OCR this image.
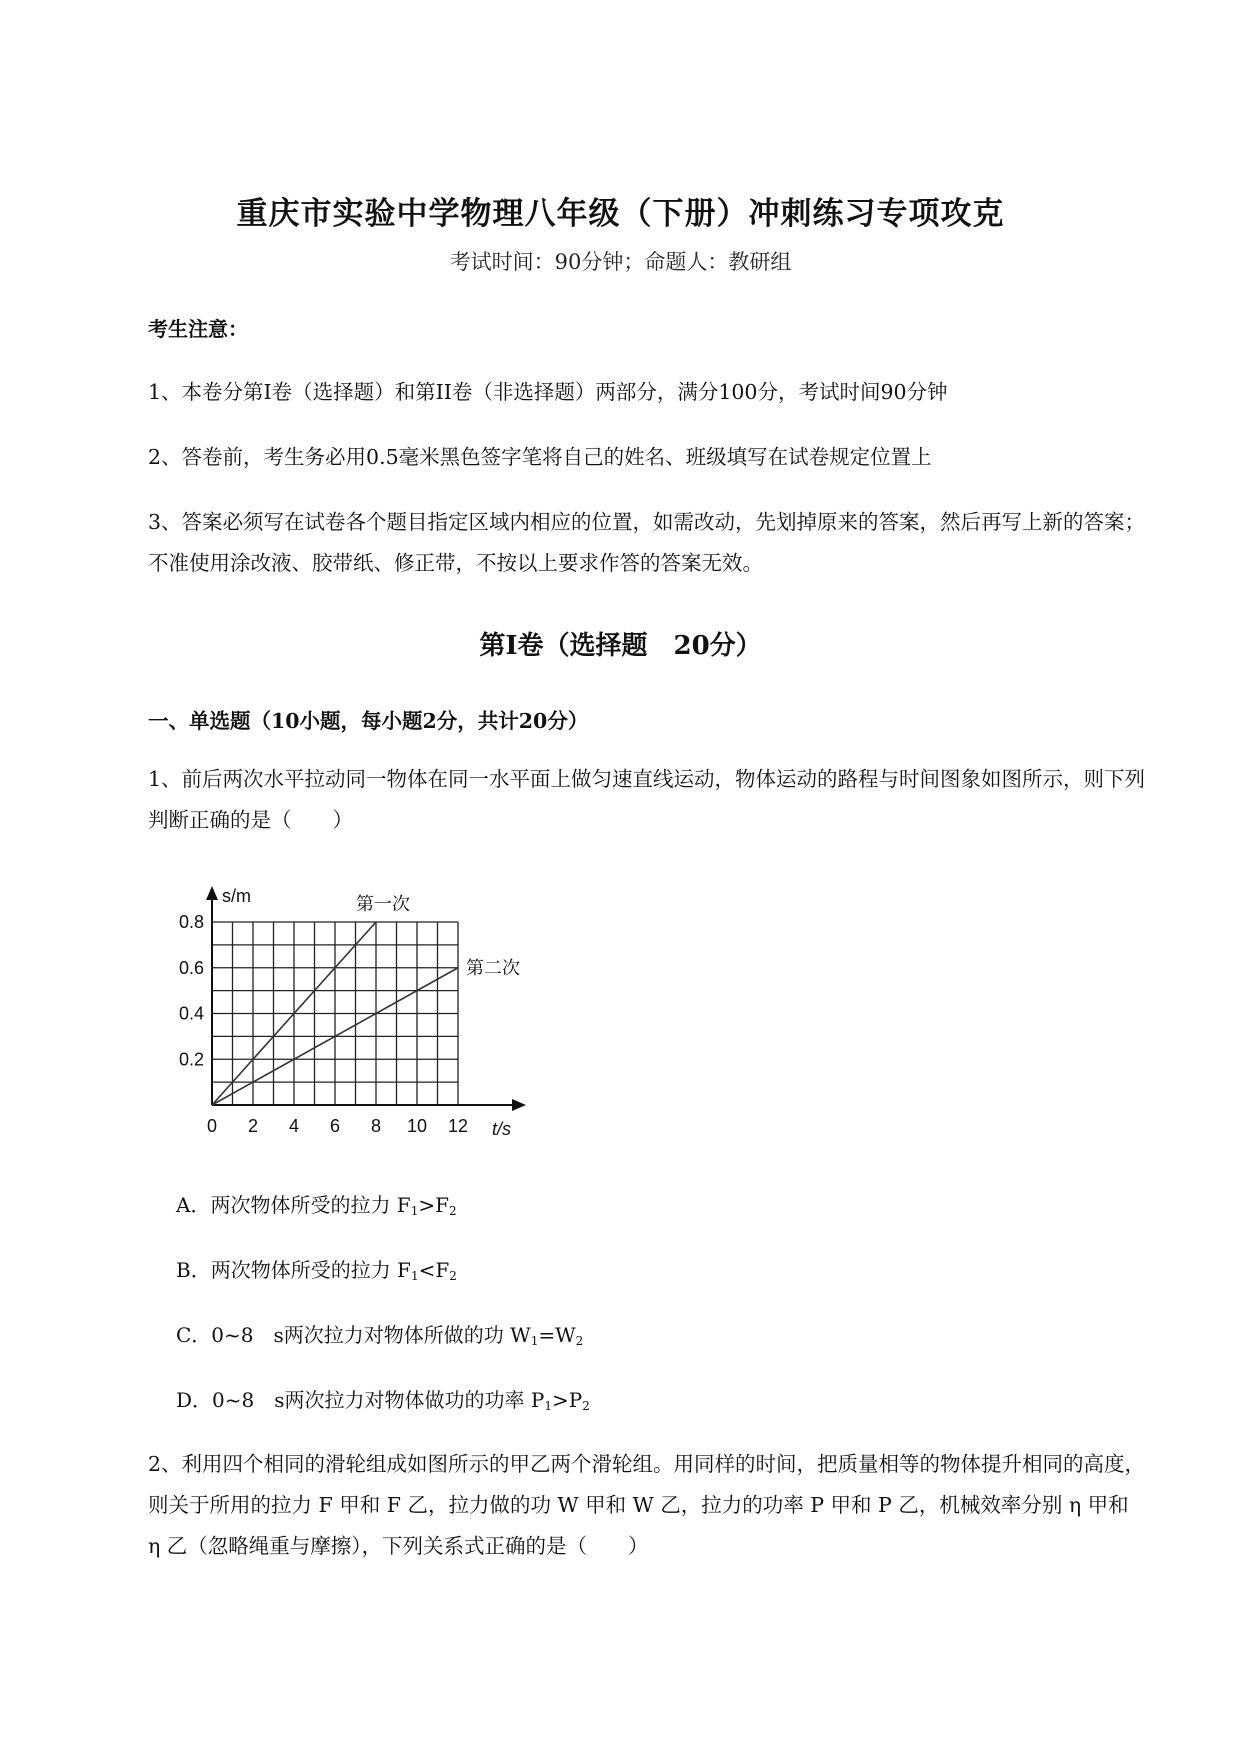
重庆市实验中学物理八年级（下册）冲刺练习专项攻克
考试时间：90分钟；命题人：教研组
考生注意：
1、本卷分第I卷（选择题）和第II卷（非选择题）两部分，满分100分，考试时间90分钟
2、答卷前，考生务必用0.5毫米黑色签字笔将自己的姓名、班级填写在试卷规定位置上
3、答案必须写在试卷各个题目指定区域内相应的位置，如需改动，先划掉原来的答案，然后再写上新的答案；不准使用涂改液、胶带纸、修正带，不按以上要求作答的答案无效。
第I卷（选择题　20分）
一、单选题（10小题，每小题2分，共计20分）
1、前后两次水平拉动同一物体在同一水平面上做匀速直线运动，物体运动的路程与时间图象如图所示，则下列判断正确的是（　　）
0 2 4 6 8 10 12
0.2
0.4
0.6
0.8
s/m
t/s
第一次
第二次
A．两次物体所受的拉力 $F_1>F_2$
B．两次物体所受的拉力 $F_1<F_2$
C．0~8　s两次拉力对物体所做的功 $W_1=W_2$
D．0~8　s两次拉力对物体做功的功率 $P_1>P_2$
2、利用四个相同的滑轮组成如图所示的甲乙两个滑轮组。用同样的时间，把质量相等的物体提升相同的高度，则关于所用的拉力 F 甲和 F 乙，拉力做的功 W 甲和 W 乙，拉力的功率 P 甲和 P 乙，机械效率分别 η 甲和　η 乙（忽略绳重与摩擦），下列关系式正确的是（　　）
